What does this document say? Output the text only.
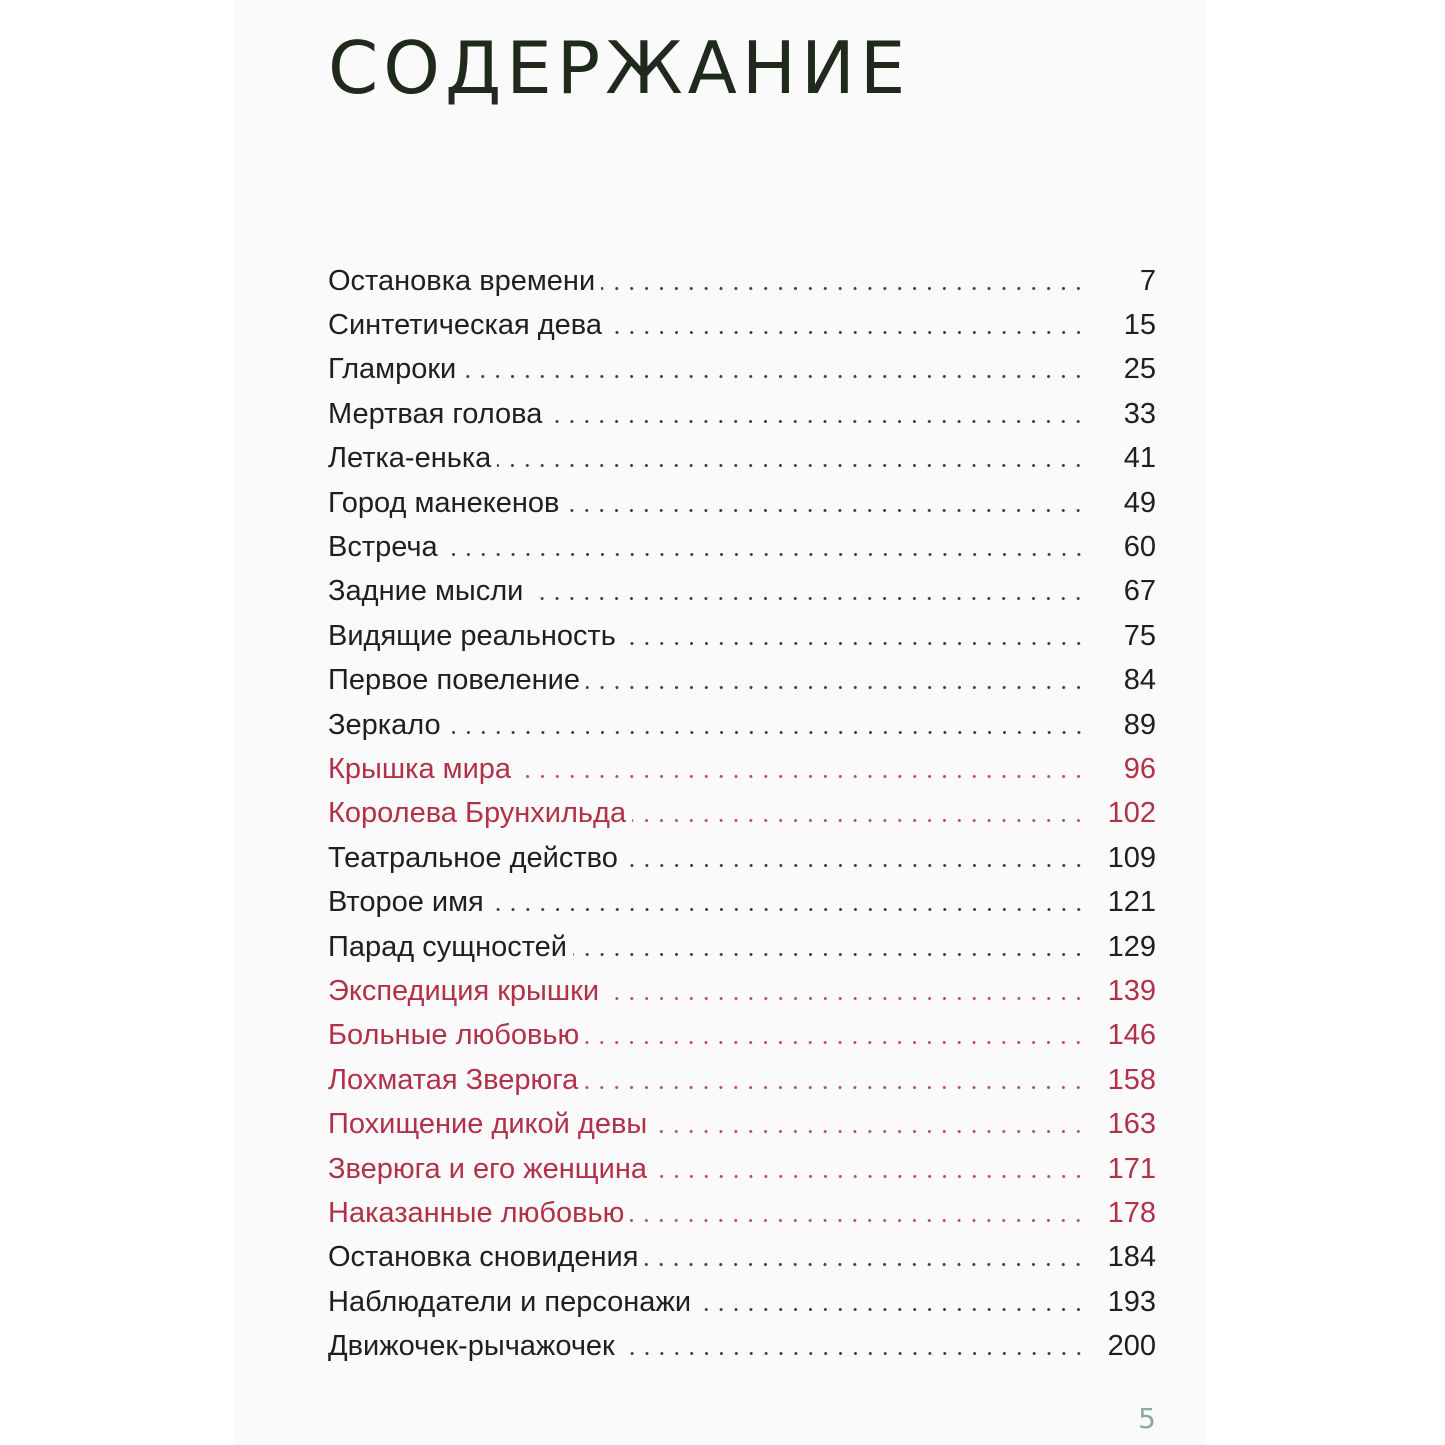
СОДЕРЖАНИЕ
Остановка времени	7
Синтетическая дева	15
Гламроки	25
Мертвая голова	33
Летка-енька	41
Город манекенов	49
Встреча	60
Задние мысли	67
Видящие реальность	75
Первое повеление	84
Зеркало	89
Крышка мира	96
Королева Брунхильда	102
Театральное действо	109
Второе имя	121
Парад сущностей	129
Экспедиция крышки	139
Больные любовью	146
Лохматая Зверюга	158
Похищение дикой девы	163
Зверюга и его женщина	171
Наказанные любовью	178
Остановка сновидения	184
Наблюдатели и персонажи	193
Движочек-рычажочек	200
5
